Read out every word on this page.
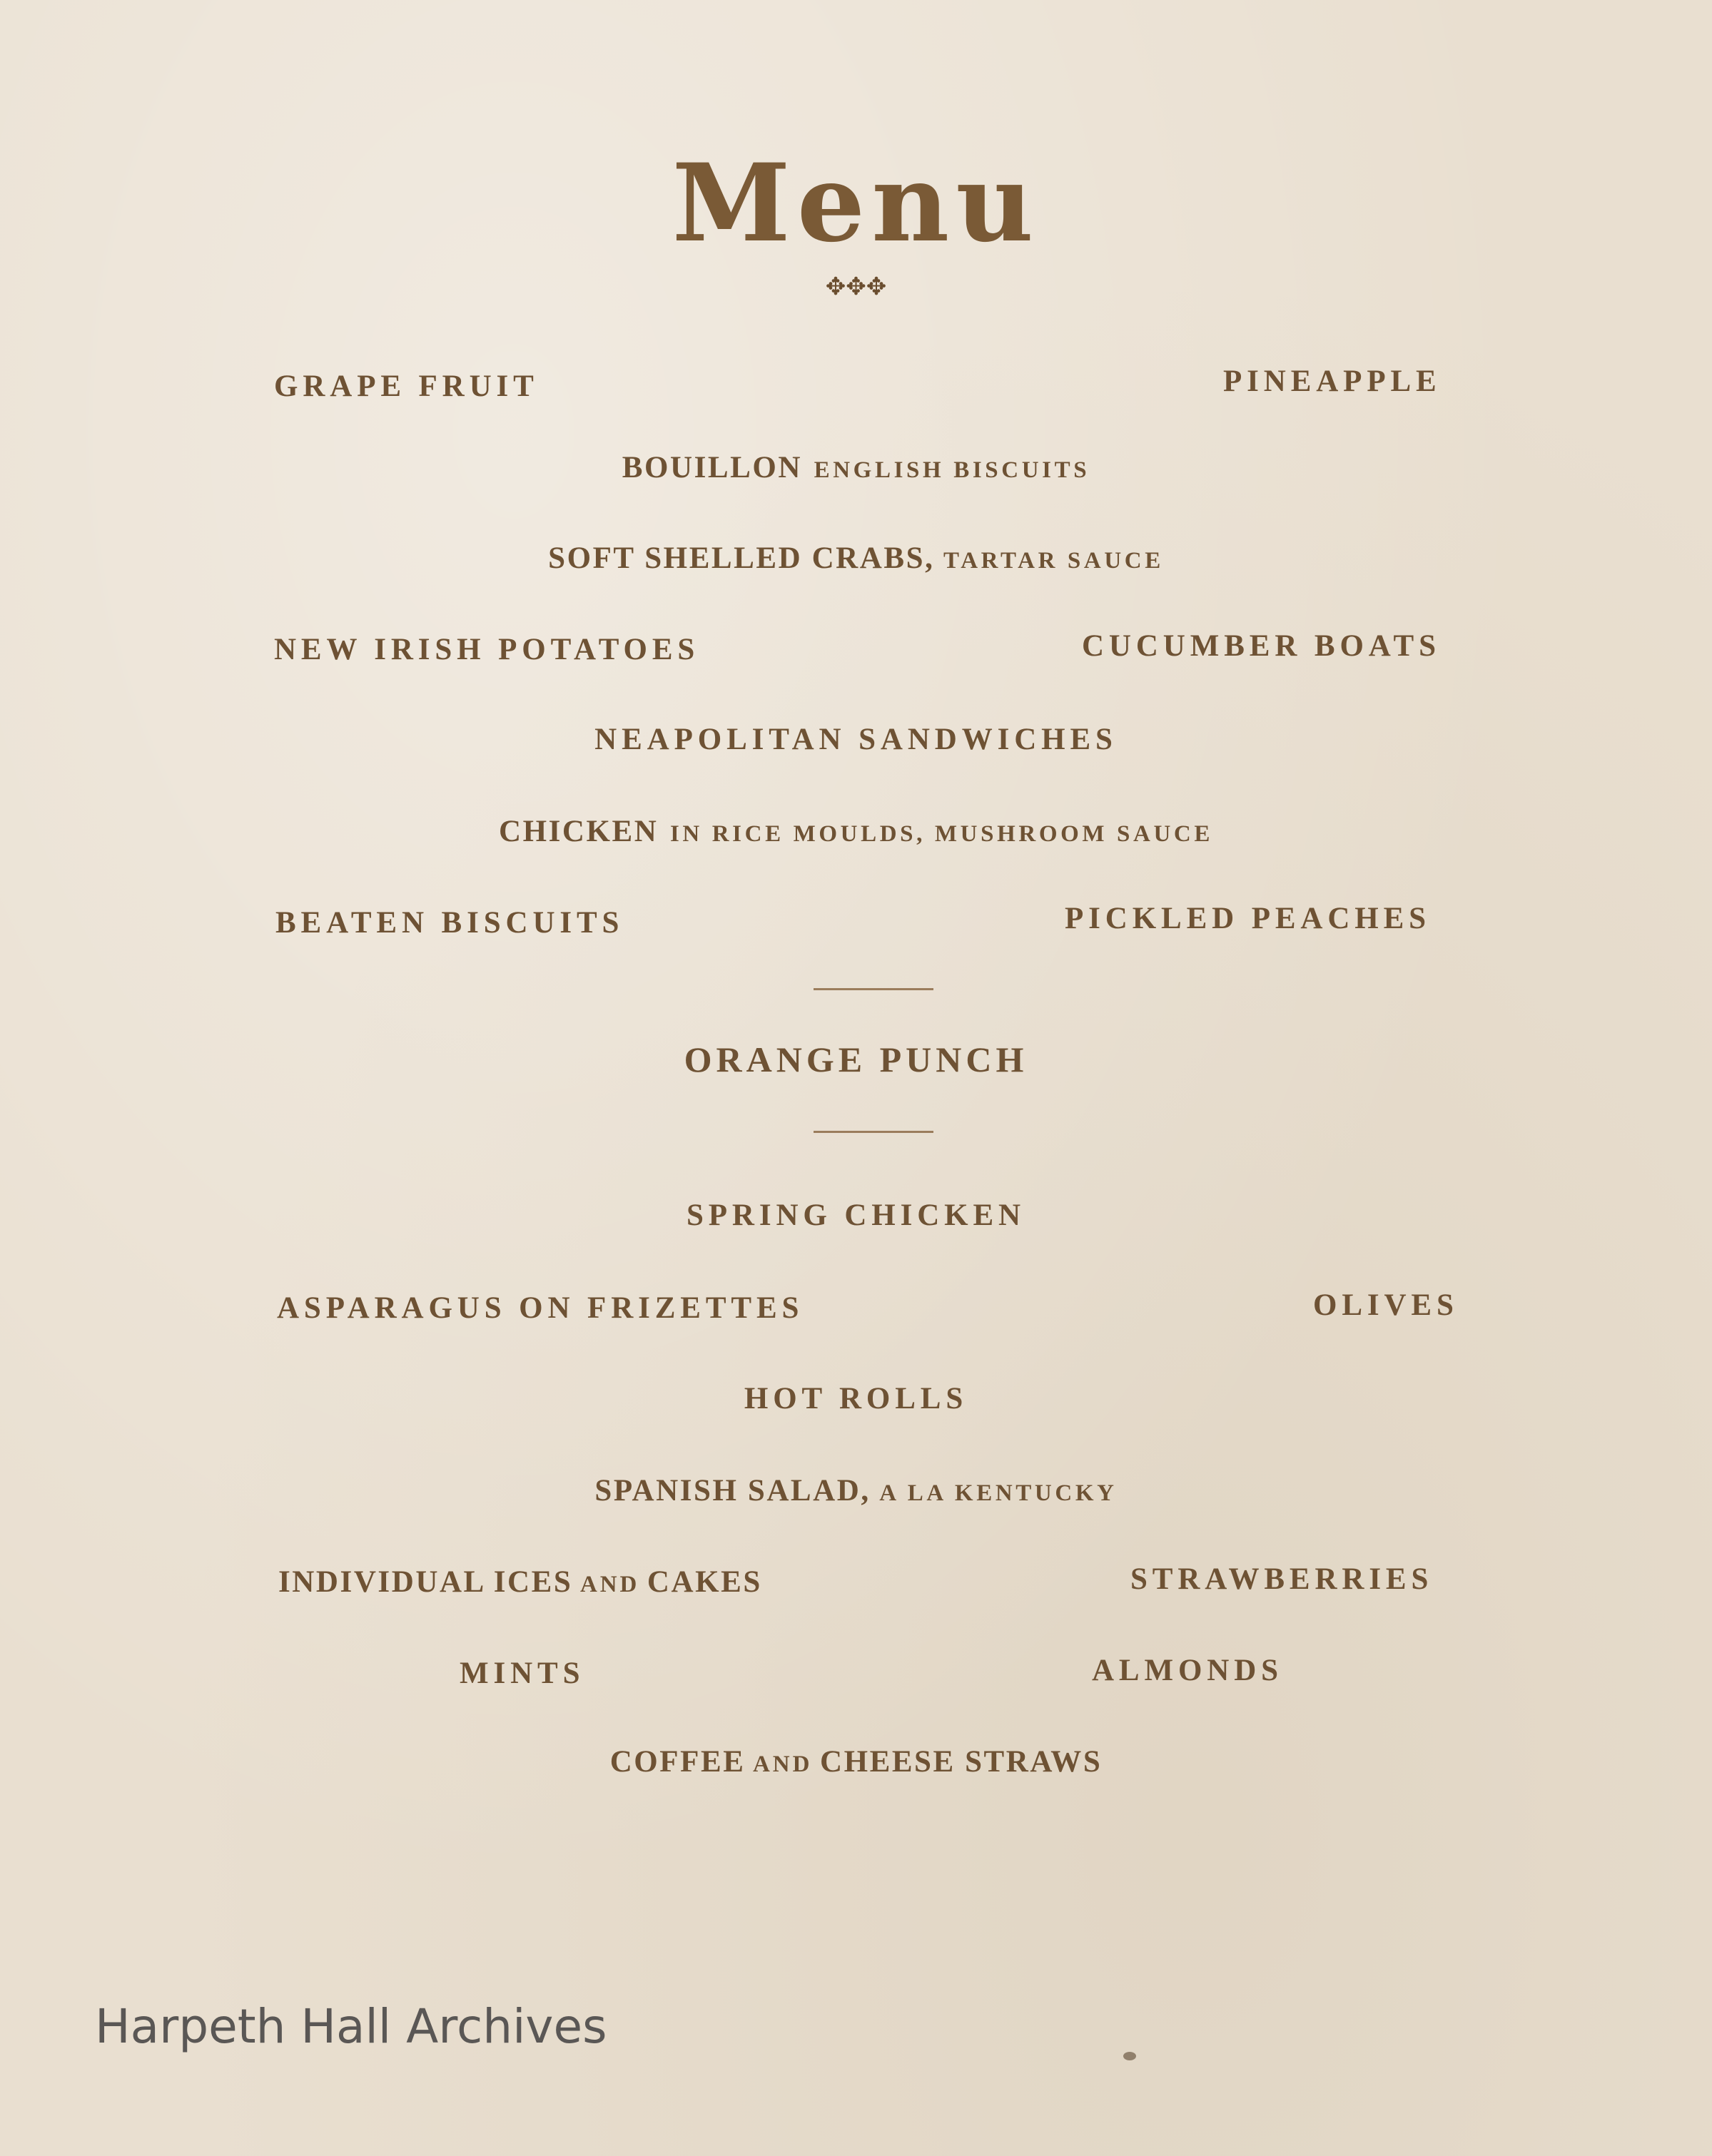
Menu
✥✥✥
GRAPE FRUIT	PINEAPPLE
BOUILLON ENGLISH BISCUITS
SOFT SHELLED CRABS, TARTAR SAUCE
NEW IRISH POTATOES	CUCUMBER BOATS
NEAPOLITAN SANDWICHES
CHICKEN IN RICE MOULDS, MUSHROOM SAUCE
BEATEN BISCUITS	PICKLED PEACHES
ORANGE PUNCH
SPRING CHICKEN
ASPARAGUS ON FRIZETTES	OLIVES
HOT ROLLS
SPANISH SALAD, A LA KENTUCKY
INDIVIDUAL ICES AND CAKES	STRAWBERRIES
MINTS	ALMONDS
COFFEE AND CHEESE STRAWS
Harpeth Hall Archives
